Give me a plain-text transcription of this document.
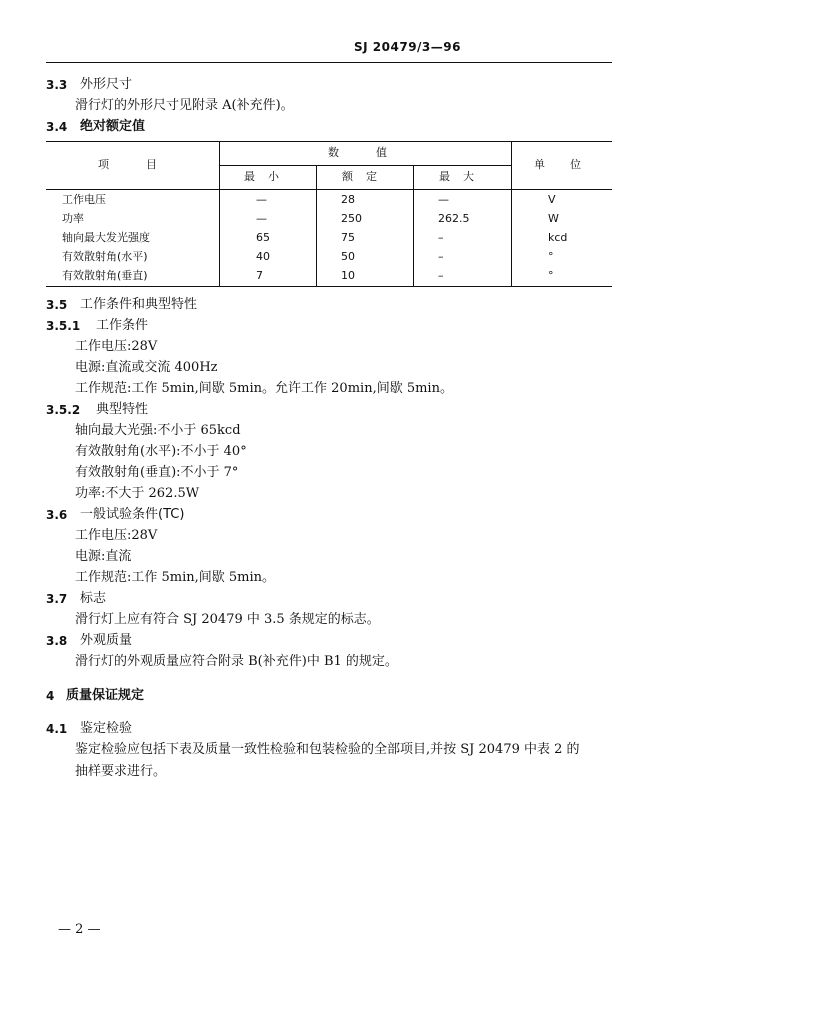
SJ 20479/3—96
3.3 外形尺寸
滑行灯的外形尺寸见附录 A(补充件)。
3.4 绝对额定值
项　　　目
数　　　值
单　　位
最　小	额　定	最　大
工作电压	—	28	—	V
功率	—	250	262.5	W
轴向最大发光强度	65	75	–	kcd
有效散射角(水平)	40	50	–	°
有效散射角(垂直)	7	10	–	°
3.5 工作条件和典型特性
3.5.1 工作条件
工作电压:28V
电源:直流或交流 400Hz
工作规范:工作 5min,间歇 5min。允许工作 20min,间歇 5min。
3.5.2 典型特性
轴向最大光强:不小于 65kcd
有效散射角(水平):不小于 40°
有效散射角(垂直):不小于 7°
功率:不大于 262.5W
3.6 一般试验条件(TC)
工作电压:28V
电源:直流
工作规范:工作 5min,间歇 5min。
3.7 标志
滑行灯上应有符合 SJ 20479 中 3.5 条规定的标志。
3.8 外观质量
滑行灯的外观质量应符合附录 B(补充件)中 B1 的规定。
4 质量保证规定
4.1 鉴定检验
鉴定检验应包括下表及质量一致性检验和包装检验的全部项目,并按 SJ 20479 中表 2 的
抽样要求进行。
— 2 —
